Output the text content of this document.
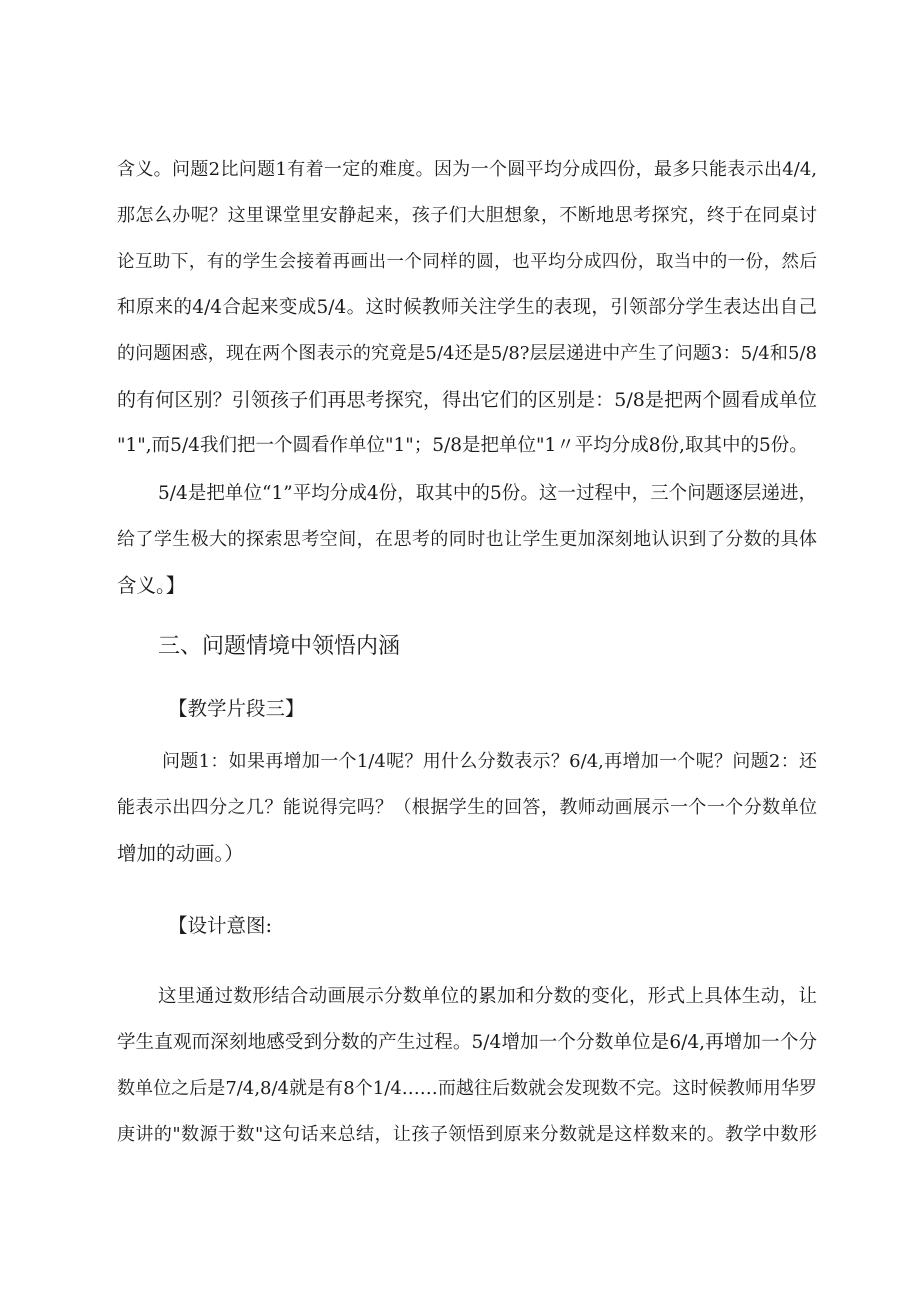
含义。问题2比问题1有着一定的难度。因为一个圆平均分成四份，最多只能表示出4/4,
那怎么办呢？这里课堂里安静起来，孩子们大胆想象，不断地思考探究，终于在同桌讨
论互助下，有的学生会接着再画出一个同样的圆，也平均分成四份，取当中的一份，然后
和原来的4/4合起来变成5/4。这时候教师关注学生的表现，引领部分学生表达出自己
的问题困惑，现在两个图表示的究竟是5/4还是5/8?层层递进中产生了问题3：5/4和5/8
的有何区别？引领孩子们再思考探究，得出它们的区别是：5/8是把两个圆看成单位
"1",而5/4我们把一个圆看作单位"1"；5/8是把单位"1〃平均分成8份,取其中的5份。
5/4是把单位“1”平均分成4份，取其中的5份。这一过程中，三个问题逐层递进，
给了学生极大的探索思考空间，在思考的同时也让学生更加深刻地认识到了分数的具体
含义。】
三、问题情境中领悟内涵
【教学片段三】
问题1：如果再增加一个1/4呢？用什么分数表示？6/4,再增加一个呢？问题2：还
能表示出四分之几？能说得完吗？（根据学生的回答，教师动画展示一个一个分数单位
增加的动画。）
【设计意图:
这里通过数形结合动画展示分数单位的累加和分数的变化，形式上具体生动，让
学生直观而深刻地感受到分数的产生过程。5/4增加一个分数单位是6/4,再增加一个分
数单位之后是7/4,8/4就是有8个1/4……而越往后数就会发现数不完。这时候教师用华罗
庚讲的"数源于数"这句话来总结，让孩子领悟到原来分数就是这样数来的。教学中数形
